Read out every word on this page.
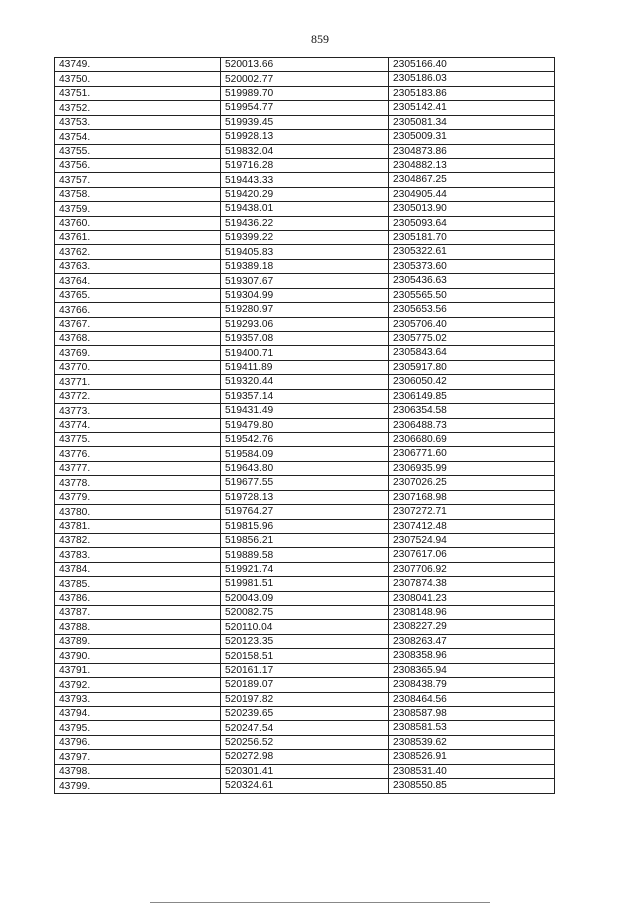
859
43749.	520013.66	2305166.40
43750.	520002.77	2305186.03
43751.	519989.70	2305183.86
43752.	519954.77	2305142.41
43753.	519939.45	2305081.34
43754.	519928.13	2305009.31
43755.	519832.04	2304873.86
43756.	519716.28	2304882.13
43757.	519443.33	2304867.25
43758.	519420.29	2304905.44
43759.	519438.01	2305013.90
43760.	519436.22	2305093.64
43761.	519399.22	2305181.70
43762.	519405.83	2305322.61
43763.	519389.18	2305373.60
43764.	519307.67	2305436.63
43765.	519304.99	2305565.50
43766.	519280.97	2305653.56
43767.	519293.06	2305706.40
43768.	519357.08	2305775.02
43769.	519400.71	2305843.64
43770.	519411.89	2305917.80
43771.	519320.44	2306050.42
43772.	519357.14	2306149.85
43773.	519431.49	2306354.58
43774.	519479.80	2306488.73
43775.	519542.76	2306680.69
43776.	519584.09	2306771.60
43777.	519643.80	2306935.99
43778.	519677.55	2307026.25
43779.	519728.13	2307168.98
43780.	519764.27	2307272.71
43781.	519815.96	2307412.48
43782.	519856.21	2307524.94
43783.	519889.58	2307617.06
43784.	519921.74	2307706.92
43785.	519981.51	2307874.38
43786.	520043.09	2308041.23
43787.	520082.75	2308148.96
43788.	520110.04	2308227.29
43789.	520123.35	2308263.47
43790.	520158.51	2308358.96
43791.	520161.17	2308365.94
43792.	520189.07	2308438.79
43793.	520197.82	2308464.56
43794.	520239.65	2308587.98
43795.	520247.54	2308581.53
43796.	520256.52	2308539.62
43797.	520272.98	2308526.91
43798.	520301.41	2308531.40
43799.	520324.61	2308550.85
